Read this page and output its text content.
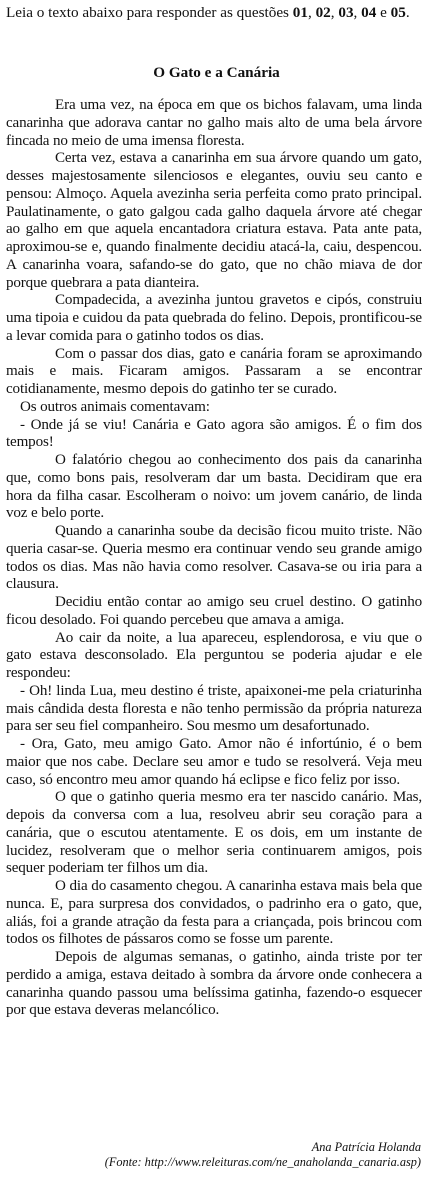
Leia o texto abaixo para responder as questões 01, 02, 03, 04 e 05.

O Gato e a Canária

Era uma vez, na época em que os bichos falavam, uma linda canarinha que adorava cantar no galho mais alto de uma bela árvore fincada no meio de uma imensa floresta.

Certa vez, estava a canarinha em sua árvore quando um gato, desses majestosamente silenciosos e elegantes, ouviu seu canto e pensou: Almoço. Aquela avezinha seria perfeita como prato principal. Paulatinamente, o gato galgou cada galho daquela árvore até chegar ao galho em que aquela encantadora criatura estava. Pata ante pata, aproximou-se e, quando finalmente decidiu atacá-la, caiu, despencou. A canarinha voara, safando-se do gato, que no chão miava de dor porque quebrara a pata dianteira.

Compadecida, a avezinha juntou gravetos e cipós, construiu uma tipoia e cuidou da pata quebrada do felino. Depois, prontificou-se a levar comida para o gatinho todos os dias.

Com o passar dos dias, gato e canária foram se aproximando mais e mais. Ficaram amigos. Passaram a se encontrar cotidianamente, mesmo depois do gatinho ter se curado.

Os outros animais comentavam:

- Onde já se viu! Canária e Gato agora são amigos. É o fim dos tempos!

O falatório chegou ao conhecimento dos pais da canarinha que, como bons pais, resolveram dar um basta. Decidiram que era hora da filha casar. Escolheram o noivo: um jovem canário, de linda voz e belo porte.

Quando a canarinha soube da decisão ficou muito triste. Não queria casar-se. Queria mesmo era continuar vendo seu grande amigo todos os dias. Mas não havia como resolver. Casava-se ou iria para a clausura.

Decidiu então contar ao amigo seu cruel destino. O gatinho ficou desolado. Foi quando percebeu que amava a amiga.

Ao cair da noite, a lua apareceu, esplendorosa, e viu que o gato estava desconsolado. Ela perguntou se poderia ajudar e ele respondeu:

- Oh! linda Lua, meu destino é triste, apaixonei-me pela criaturinha mais cândida desta floresta e não tenho permissão da própria natureza para ser seu fiel companheiro. Sou mesmo um desafortunado.

- Ora, Gato, meu amigo Gato. Amor não é infortúnio, é o bem maior que nos cabe. Declare seu amor e tudo se resolverá. Veja meu caso, só encontro meu amor quando há eclipse e fico feliz por isso.

O que o gatinho queria mesmo era ter nascido canário. Mas, depois da conversa com a lua, resolveu abrir seu coração para a canária, que o escutou atentamente. E os dois, em um instante de lucidez, resolveram que o melhor seria continuarem amigos, pois sequer poderiam ter filhos um dia.

O dia do casamento chegou. A canarinha estava mais bela que nunca. E, para surpresa dos convidados, o padrinho era o gato, que, aliás, foi a grande atração da festa para a criançada, pois brincou com todos os filhotes de pássaros como se fosse um parente.

Depois de algumas semanas, o gatinho, ainda triste por ter perdido a amiga, estava deitado à sombra da árvore onde conhecera a canarinha quando passou uma belíssima gatinha, fazendo-o esquecer por que estava deveras melancólico.

Ana Patrícia Holanda
(Fonte: http://www.releituras.com/ne_anaholanda_canaria.asp)
